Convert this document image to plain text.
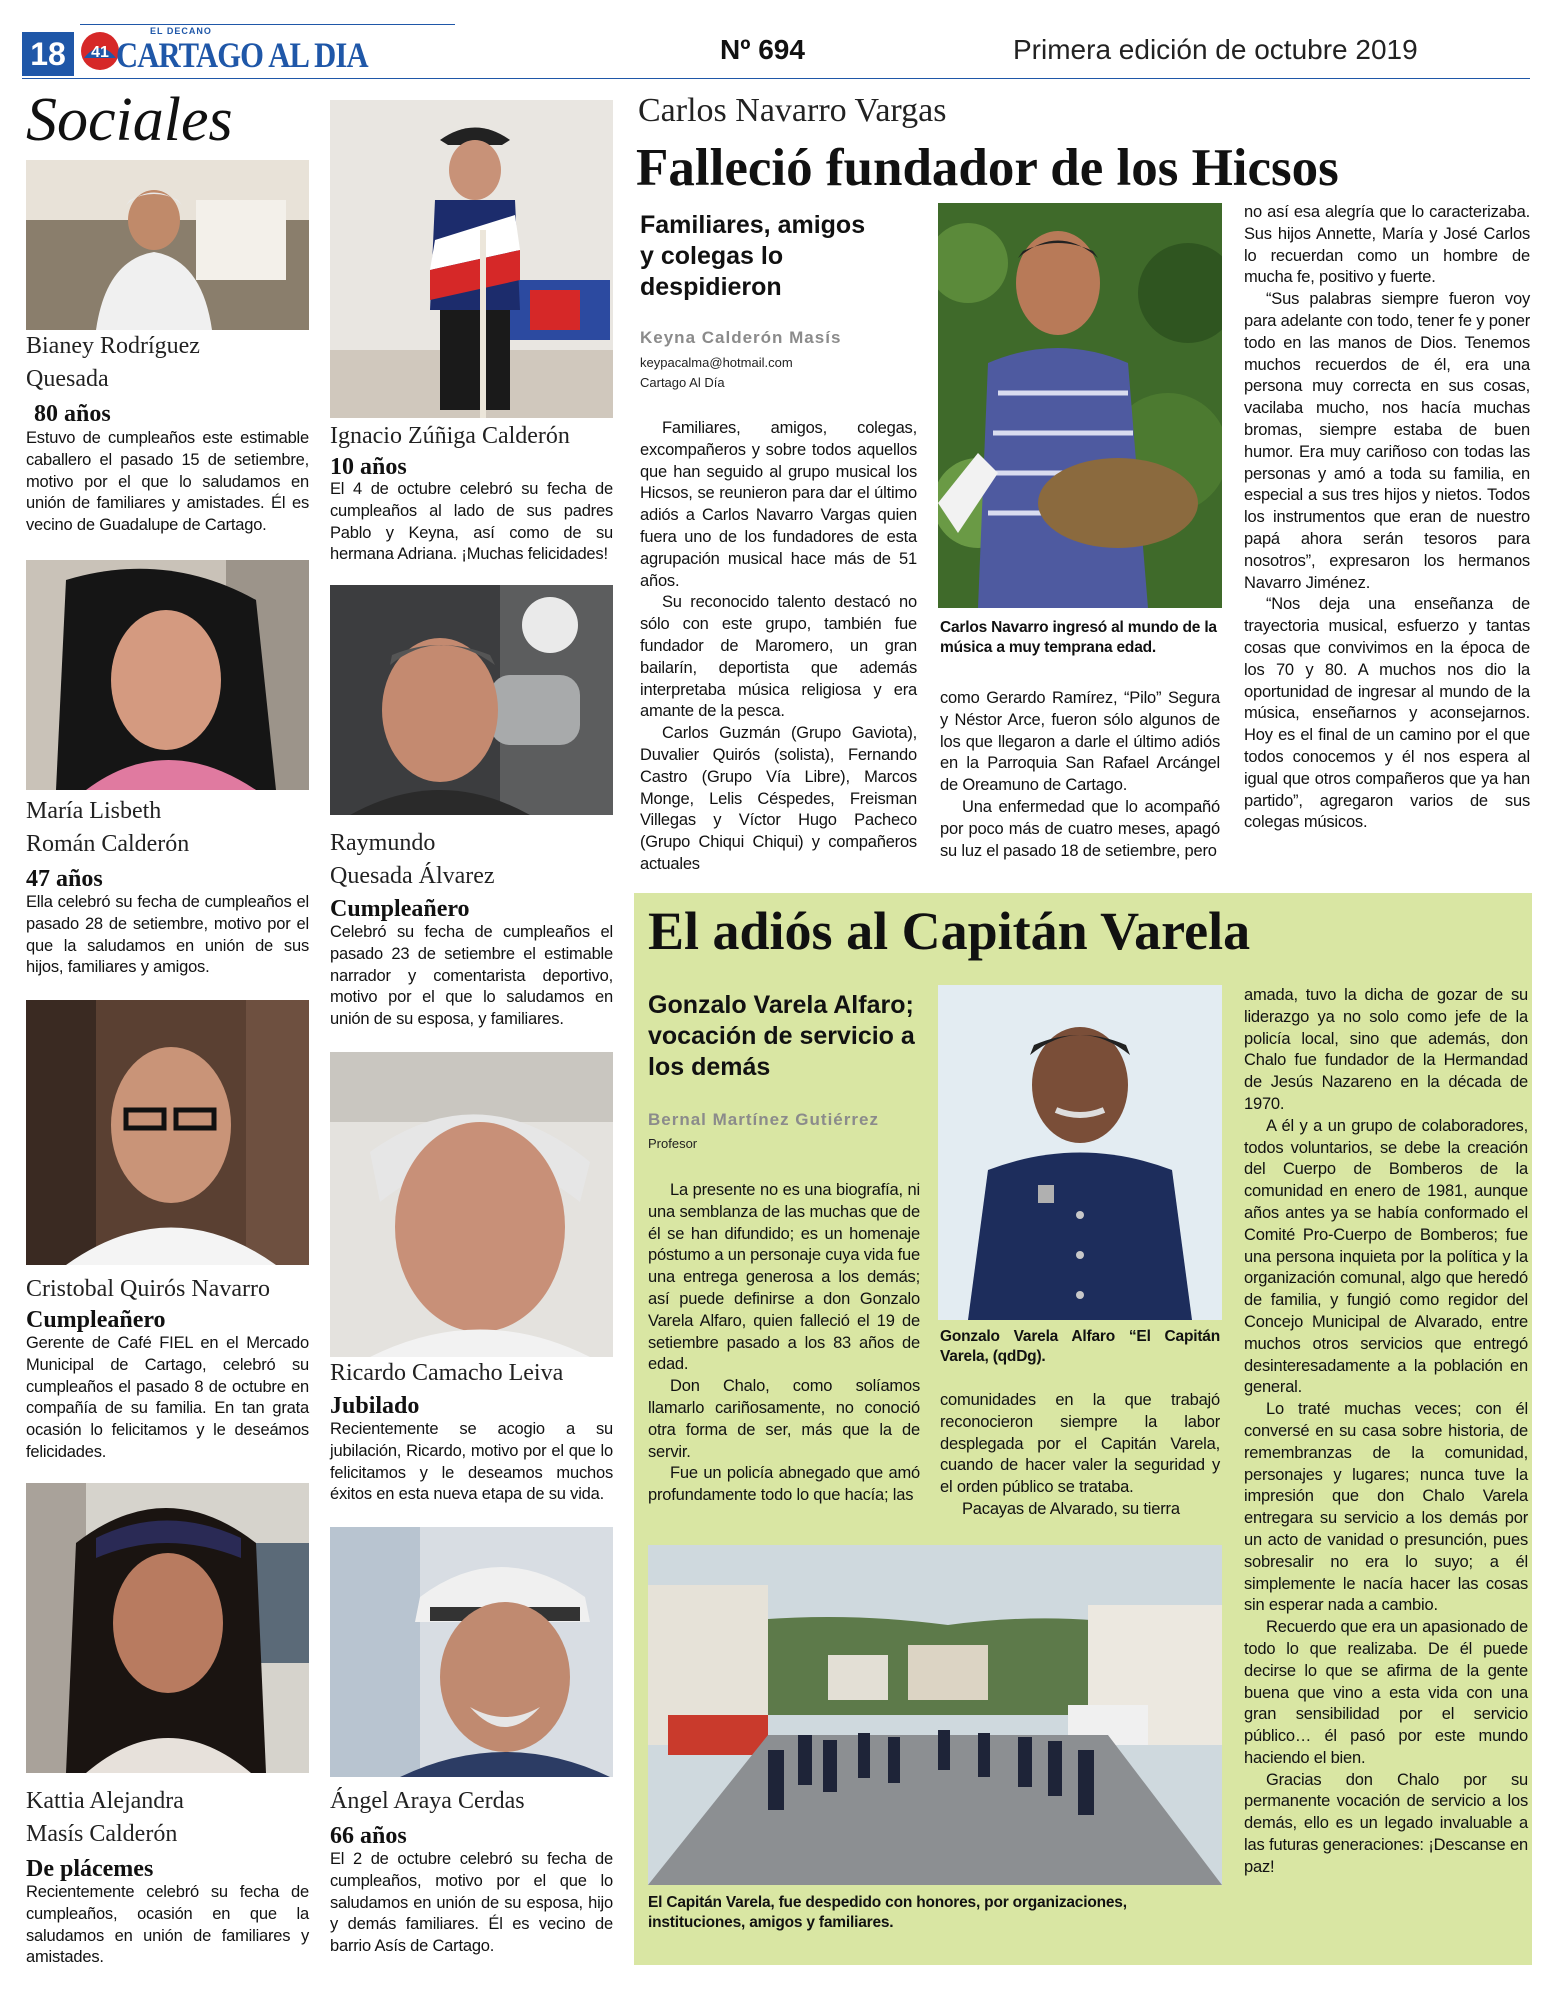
18	41
EL DECANO
CARTAGO AL DIA	Nº 694	Primera edición de octubre 2019
Sociales
Bianey Rodríguez
Quesada
80 años

Estuvo de cumpleaños este estimable caballero el pasado 15 de setiembre, motivo por el que lo saludamos en unión de familiares y amistades. Él es vecino de Guadalupe de Cartago.

María Lisbeth
Román Calderón
47 años

Ella celebró su fecha de cumpleaños el pasado 28 de setiembre, motivo por el que la saludamos en unión de sus hijos, familiares y amigos.

Cristobal Quirós Navarro
Cumpleañero

Gerente de Café FIEL en el Mercado Municipal de Cartago, celebró su cumpleaños el pasado 8 de octubre en compañía de su familia. En tan grata ocasión lo felicitamos y le deseámos felicidades.

Kattia Alejandra
Masís Calderón
De plácemes

Recientemente celebró su fecha de cumpleaños, ocasión en que la saludamos en unión de familiares y amistades.

Ignacio Zúñiga Calderón
10 años

El 4 de octubre celebró su fecha de cumpleaños al lado de sus padres Pablo y Keyna, así como de su hermana Adriana. ¡Muchas felicidades!

Raymundo
Quesada Álvarez
Cumpleañero

Celebró su fecha de cumpleaños el pasado 23 de setiembre el estimable narrador y comentarista deportivo, motivo por el que lo saludamos en unión de su esposa, y familiares.

Ricardo Camacho Leiva
Jubilado

Recientemente se acogio a su jubilación, Ricardo, motivo por el que lo felicitamos y le deseamos muchos éxitos en esta nueva etapa de su vida.

Ángel Araya Cerdas
66 años

El 2 de octubre celebró su fecha de cumpleaños, motivo por el que lo saludamos en unión de su esposa, hijo y demás familiares. Él es vecino de barrio Asís de Cartago.

Carlos Navarro Vargas
Falleció fundador de los Hicsos
Familiares, amigos y colegas lo despidieron
Keyna Calderón Masís
keypacalma@hotmail.com
Cartago Al Día

Familiares, amigos, colegas, excompañeros y sobre todos aquellos que han seguido al grupo musical los Hicsos, se reunieron para dar el último adiós a Carlos Navarro Vargas quien fuera uno de los fundadores de esta agrupación musical hace más de 51 años.

Su reconocido talento destacó no sólo con este grupo, también fue fundador de Maromero, un gran bailarín, deportista que además interpretaba música religiosa y era amante de la pesca.

Carlos Guzmán (Grupo Gaviota), Duvalier Quirós (solista), Fernando Castro (Grupo Vía Libre), Marcos Monge, Lelis Céspedes, Freisman Villegas y Víctor Hugo Pacheco (Grupo Chiqui Chiqui) y compañeros actuales

Carlos Navarro ingresó al mundo de la música a muy temprana edad.

como Gerardo Ramírez, “Pilo” Segura y Néstor Arce, fueron sólo algunos de los que llegaron a darle el último adiós en la Parroquia San Rafael Arcángel de Oreamuno de Cartago.

Una enfermedad que lo acompañó por poco más de cuatro meses, apagó su luz el pasado 18 de setiembre, pero

no así esa alegría que lo caracterizaba. Sus hijos Annette, María y José Carlos lo recuerdan como un hombre de mucha fe, positivo y fuerte.

“Sus palabras siempre fueron voy para adelante con todo, tener fe y poner todo en las manos de Dios. Tenemos muchos recuerdos de él, era una persona muy correcta en sus cosas, vacilaba mucho, nos hacía muchas bromas, siempre estaba de buen humor. Era muy cariñoso con todas las personas y amó a toda su familia, en especial a sus tres hijos y nietos. Todos los instrumentos que eran de nuestro papá ahora serán tesoros para nosotros”, expresaron los hermanos Navarro Jiménez.

“Nos deja una enseñanza de trayectoria musical, esfuerzo y tantas cosas que convivimos en la época de los 70 y 80. A muchos nos dio la oportunidad de ingresar al mundo de la música, enseñarnos y aconsejarnos. Hoy es el final de un camino por el que todos conocemos y él nos espera al igual que otros compañeros que ya han partido”, agregaron varios de sus colegas músicos.

El adiós al Capitán Varela
Gonzalo Varela Alfaro; vocación de servicio a los demás
Bernal Martínez Gutiérrez
Profesor

La presente no es una biografía, ni una semblanza de las muchas que de él se han difundido; es un homenaje póstumo a un personaje cuya vida fue una entrega generosa a los demás; así puede definirse a don Gonzalo Varela Alfaro, quien falleció el 19 de setiembre pasado a los 83 años de edad.

Don Chalo, como solíamos llamarlo cariñosamente, no conoció otra forma de ser, más que la de servir.

Fue un policía abnegado que amó profundamente todo lo que hacía; las

Gonzalo Varela Alfaro “El Capitán Varela, (qdDg).

comunidades en la que trabajó reconocieron siempre la labor desplegada por el Capitán Varela, cuando de hacer valer la seguridad y el orden público se trataba.

Pacayas de Alvarado, su tierra

amada, tuvo la dicha de gozar de su liderazgo ya no solo como jefe de la policía local, sino que además, don Chalo fue fundador de la Hermandad de Jesús Nazareno en la década de 1970.

A él y a un grupo de colaboradores, todos voluntarios, se debe la creación del Cuerpo de Bomberos de la comunidad en enero de 1981, aunque años antes ya se había conformado el Comité Pro-Cuerpo de Bomberos; fue una persona inquieta por la política y la organización comunal, algo que heredó de familia, y fungió como regidor del Concejo Municipal de Alvarado, entre muchos otros servicios que entregó desinteresadamente a la población en general.

Lo traté muchas veces; con él conversé en su casa sobre historia, de remembranzas de la comunidad, personajes y lugares; nunca tuve la impresión que don Chalo Varela entregara su servicio a los demás por un acto de vanidad o presunción, pues sobresalir no era lo suyo; a él simplemente le nacía hacer las cosas sin esperar nada a cambio.

Recuerdo que era un apasionado de todo lo que realizaba. De él puede decirse lo que se afirma de la gente buena que vino a esta vida con una gran sensibilidad por el servicio público… él pasó por este mundo haciendo el bien.

Gracias don Chalo por su permanente vocación de servicio a los demás, ello es un legado invaluable a las futuras generaciones: ¡Descanse en paz!

El Capitán Varela, fue despedido con honores, por organizaciones, instituciones, amigos y familiares.
